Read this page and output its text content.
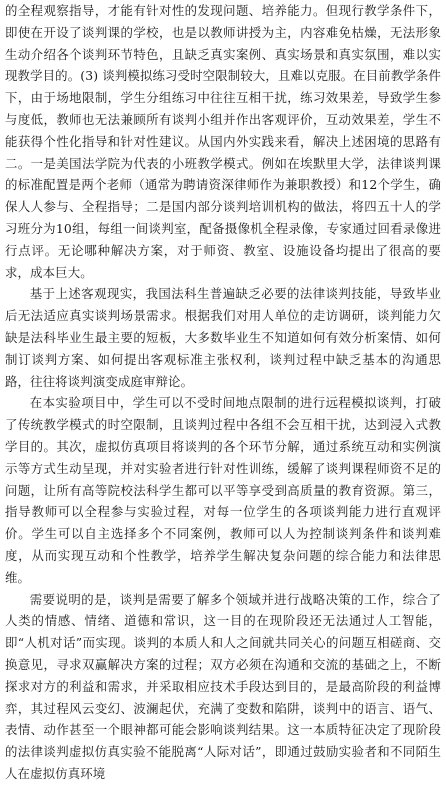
的全程观察指导，才能有针对性的发现问题、培养能力。但现行教学条件下，即使在开设了谈判课的学校，也是以教师讲授为主，内容难免枯燥，无法形象生动介绍各个谈判环节特色，且缺乏真实案例、真实场景和真实氛围，难以实现教学目的。(3) 谈判模拟练习受时空限制较大，且难以克服。在目前教学条件下，由于场地限制，学生分组练习中往往互相干扰，练习效果差，导致学生参与度低，教师也无法兼顾所有谈判小组并作出客观评价，互动效果差，学生不能获得个性化指导和针对性建议。从国内外实践来看，解决上述困境的思路有二。一是美国法学院为代表的小班教学模式。例如在埃默里大学，法律谈判课的标准配置是两个老师（通常为聘请资深律师作为兼职教授）和12个学生，确保人人参与、全程指导；二是国内部分谈判培训机构的做法，将四五十人的学习班分为10组，每组一间谈判室，配备摄像机全程录像，专家通过回看录像进行点评。无论哪种解决方案，对于师资、教室、设施设备均提出了很高的要求，成本巨大。

基于上述客观现实，我国法科生普遍缺乏必要的法律谈判技能，导致毕业后无法适应真实谈判场景需求。根据我们对用人单位的走访调研，谈判能力欠缺是法科毕业生最主要的短板，大多数毕业生不知道如何有效分析案情、如何制订谈判方案、如何提出客观标准主张权利，谈判过程中缺乏基本的沟通思路，往往将谈判演变成庭审辩论。

在本实验项目中，学生可以不受时间地点限制的进行远程模拟谈判，打破了传统教学模式的时空限制，且谈判过程中各组不会互相干扰，达到浸入式教学目的。其次，虚拟仿真项目将谈判的各个环节分解，通过系统互动和实例演示等方式生动呈现，并对实验者进行针对性训练，缓解了谈判课程师资不足的问题，让所有高等院校法科学生都可以平等享受到高质量的教育资源。第三，指导教师可以全程参与实验过程，对每一位学生的各项谈判能力进行直观评价。学生可以自主选择多个不同案例，教师可以人为控制谈判条件和谈判难度，从而实现互动和个性教学，培养学生解决复杂问题的综合能力和法律思维。

需要说明的是，谈判是需要了解多个领域并进行战略决策的工作，综合了人类的情感、情绪、道德和常识，这一目的在现阶段还无法通过人工智能，即“人机对话”而实现。谈判的本质人和人之间就共同关心的问题互相磋商、交换意见，寻求双赢解决方案的过程；双方必须在沟通和交流的基础之上，不断探求对方的利益和需求，并采取相应技术手段达到目的，是最高阶段的利益博弈，其过程风云变幻、波澜起伏，充满了变数和陷阱，谈判中的语言、语气、表情、动作甚至一个眼神都可能会影响谈判结果。这一本质特征决定了现阶段的法律谈判虚拟仿真实验不能脱离“人际对话”，即通过鼓励实验者和不同陌生人在虚拟仿真环境
